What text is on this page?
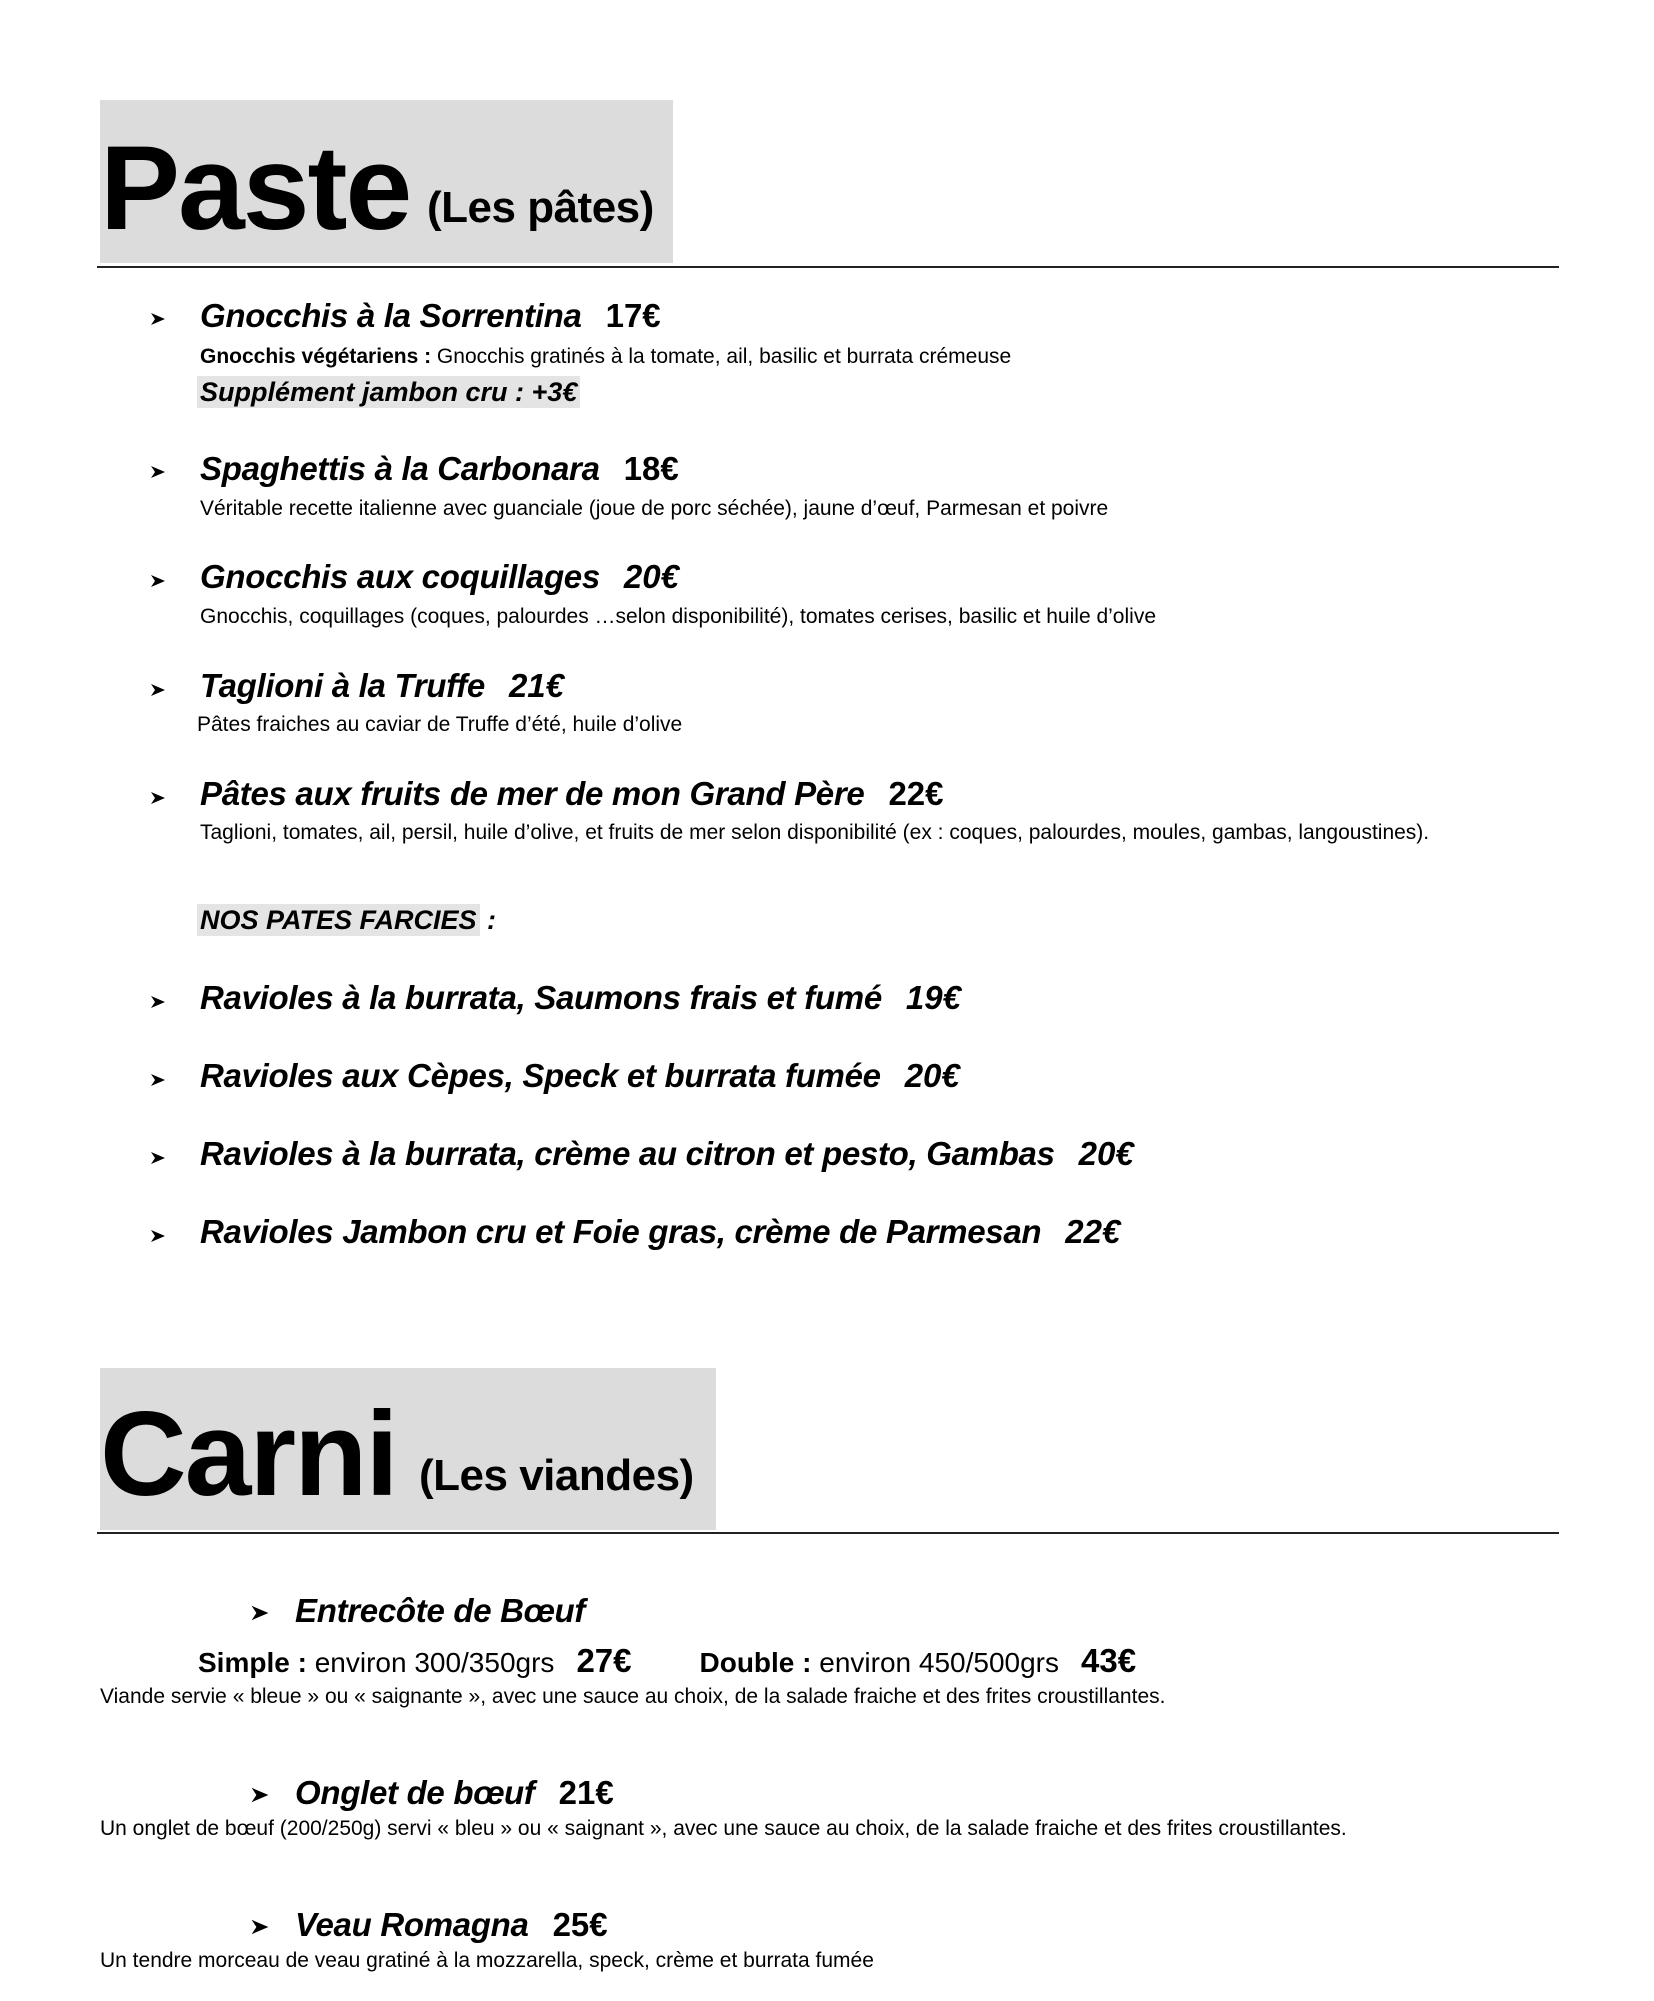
Paste (Les pâtes)
Gnocchis à la Sorrentina 17€
Gnocchis végétariens : Gnocchis gratinés à la tomate, ail, basilic et burrata crémeuse
Supplément jambon cru : +3€
Spaghettis à la Carbonara 18€
Véritable recette italienne avec guanciale (joue de porc séchée), jaune d’œuf, Parmesan et poivre
Gnocchis aux coquillages 20€
Gnocchis, coquillages (coques, palourdes …selon disponibilité), tomates cerises, basilic et huile d’olive
Taglioni à la Truffe 21€
Pâtes fraiches au caviar de Truffe d’été, huile d’olive
Pâtes aux fruits de mer de mon Grand Père 22€
Taglioni, tomates, ail, persil, huile d’olive, et fruits de mer selon disponibilité (ex : coques, palourdes, moules, gambas, langoustines).
NOS PATES FARCIES :
Ravioles à la burrata, Saumons frais et fumé 19€
Ravioles aux Cèpes, Speck et burrata fumée 20€
Ravioles à la burrata, crème au citron et pesto, Gambas 20€
Ravioles Jambon cru et Foie gras, crème de Parmesan 22€
Carni (Les viandes)
Entrecôte de Bœuf
Simple : environ 300/350grs 27€ Double : environ 450/500grs 43€
Viande servie « bleue » ou « saignante », avec une sauce au choix, de la salade fraiche et des frites croustillantes.
Onglet de bœuf 21€
Un onglet de bœuf (200/250g) servi « bleu » ou « saignant », avec une sauce au choix, de la salade fraiche et des frites croustillantes.
Veau Romagna 25€
Un tendre morceau de veau gratiné à la mozzarella, speck, crème et burrata fumée
